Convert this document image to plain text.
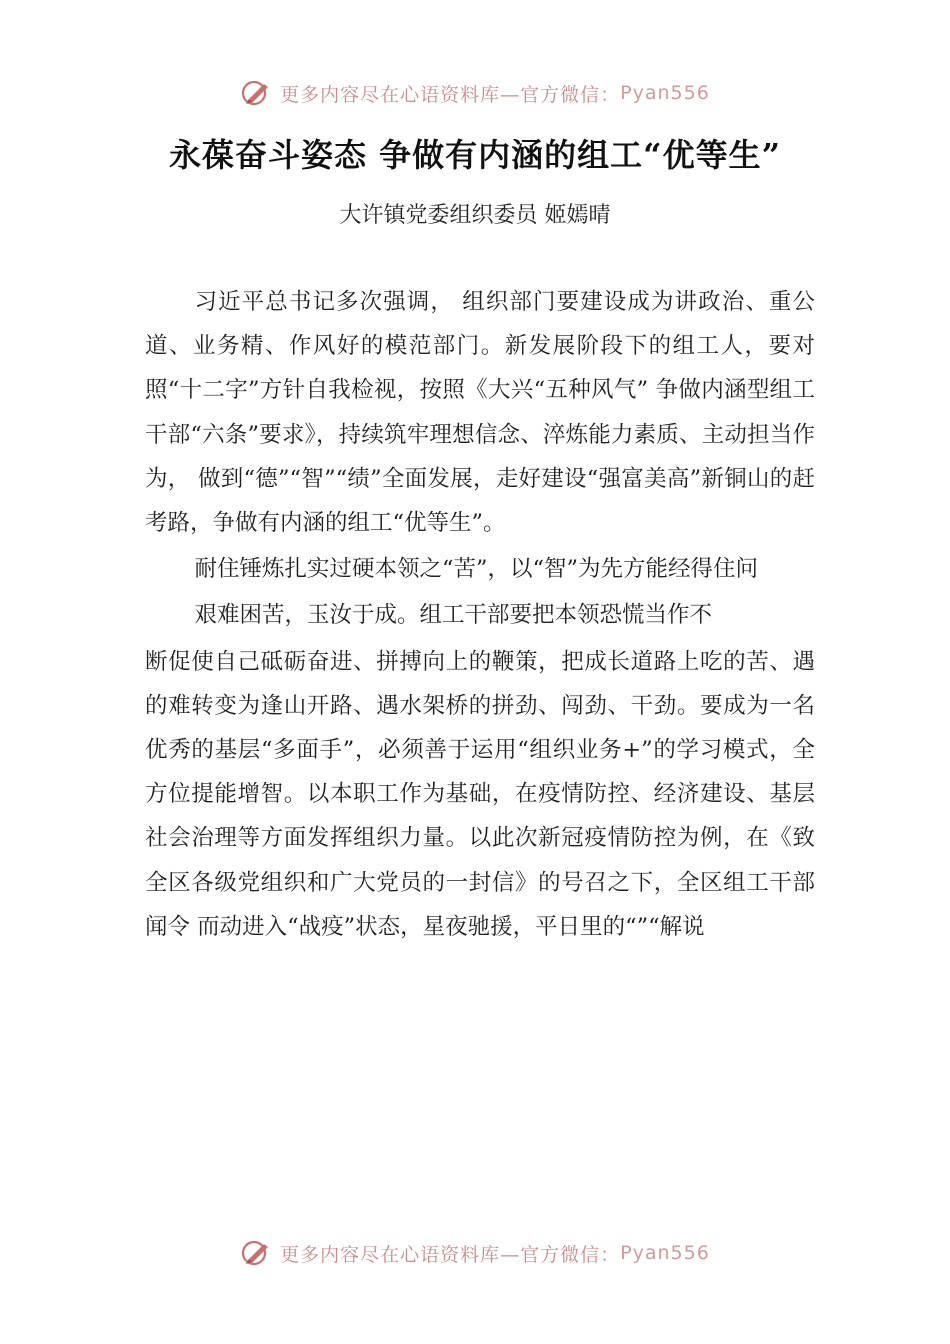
更多内容尽在心语资料库—官方微信： Pyan556
永葆奋斗姿态 争做有内涵的组工“优等生”
大许镇党委组织委员 姬嫣晴

习近平总书记多次强调， 组织部门要建设成为讲政治、重公道、业务精、作风好的模范部门。新发展阶段下的组工人，要对照“十二字”方针自我检视，按照《大兴“五种风气” 争做内涵型组工干部“六条”要求》，持续筑牢理想信念、淬炼能力素质、主动担当作为， 做到“德”“智”“绩”全面发展，走好建设“强富美高”新铜山的赶考路，争做有内涵的组工“优等生”。

耐住锤炼扎实过硬本领之“苦”，以“智”为先方能经得住问

艰难困苦，玉汝于成。组工干部要把本领恐慌当作不

断促使自己砥砺奋进、拼搏向上的鞭策，把成长道路上吃的苦、遇的难转变为逢山开路、遇水架桥的拼劲、闯劲、干劲。要成为一名优秀的基层“多面手”，必须善于运用“组织业务+”的学习模式，全方位提能增智。以本职工作为基础，在疫情防控、经济建设、基层社会治理等方面发挥组织力量。以此次新冠疫情防控为例，在《致全区各级党组织和广大党员的一封信》的号召之下，全区组工干部闻令 而动进入“战疫”状态，星夜驰援，平日里的“”“解说

更多内容尽在心语资料库—官方微信： Pyan556
